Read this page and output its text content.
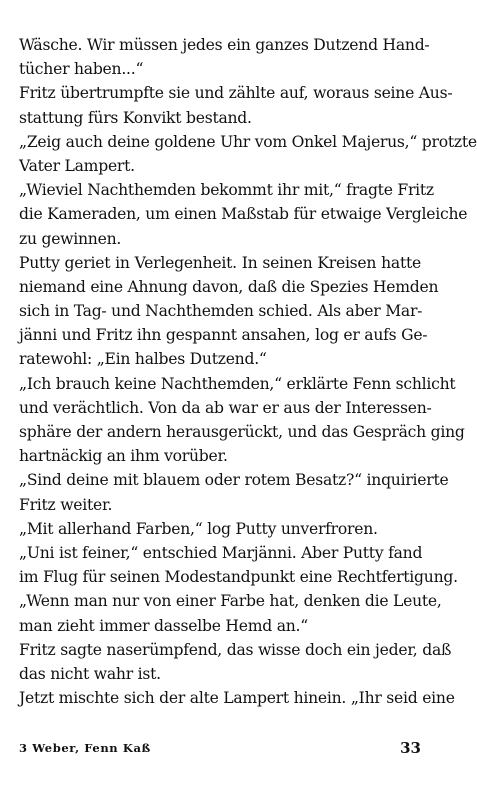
Wäsche. Wir müssen jedes ein ganzes Dutzend Hand-
tücher haben...“
Fritz übertrumpfte sie und zählte auf, woraus seine Aus-
stattung fürs Konvikt bestand.
„Zeig auch deine goldene Uhr vom Onkel Majerus,“ protzte
Vater Lampert.
„Wieviel Nachthemden bekommt ihr mit,“ fragte Fritz
die Kameraden, um einen Maßstab für etwaige Vergleiche
zu gewinnen.
Putty geriet in Verlegenheit. In seinen Kreisen hatte
niemand eine Ahnung davon, daß die Spezies Hemden
sich in Tag- und Nachthemden schied. Als aber Mar-
jänni und Fritz ihn gespannt ansahen, log er aufs Ge-
ratewohl: „Ein halbes Dutzend.“
„Ich brauch keine Nachthemden,“ erklärte Fenn schlicht
und verächtlich. Von da ab war er aus der Interessen-
sphäre der andern herausgerückt, und das Gespräch ging
hartnäckig an ihm vorüber.
„Sind deine mit blauem oder rotem Besatz?“ inquirierte
Fritz weiter.
„Mit allerhand Farben,“ log Putty unverfroren.
„Uni ist feiner,“ entschied Marjänni. Aber Putty fand
im Flug für seinen Modestandpunkt eine Rechtfertigung.
„Wenn man nur von einer Farbe hat, denken die Leute,
man zieht immer dasselbe Hemd an.“
Fritz sagte naserümpfend, das wisse doch ein jeder, daß
das nicht wahr ist.
Jetzt mischte sich der alte Lampert hinein. „Ihr seid eine
3 Weber, Fenn Kaß	33
